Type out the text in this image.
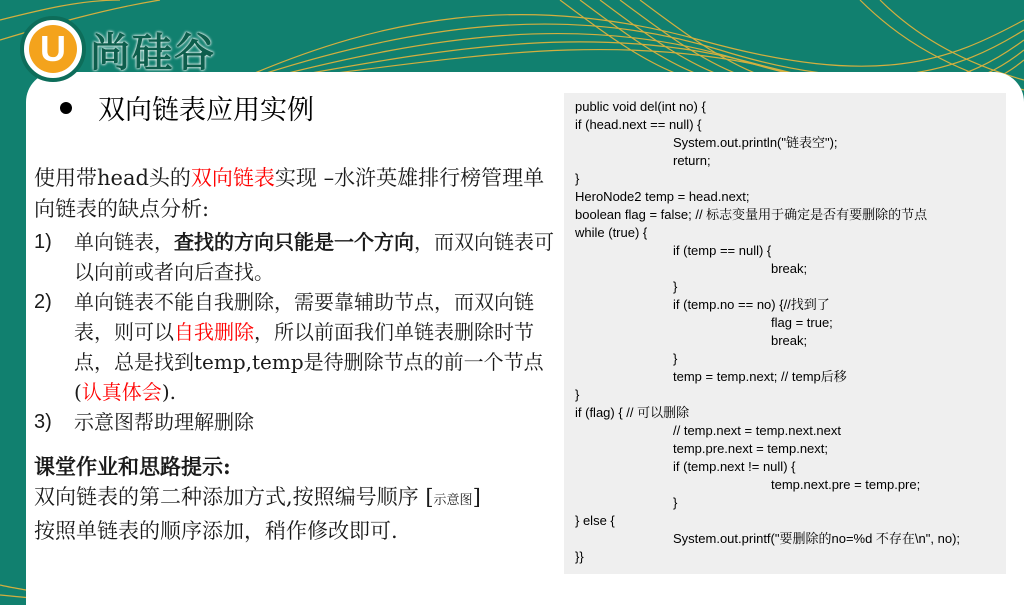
U 尚硅谷
双向链表应用实例
使用带head头的双向链表实现 –水浒英雄排行榜管理单向链表的缺点分析:
1)	单向链表，查找的方向只能是一个方向，而双向链表可以向前或者向后查找。
2)	单向链表不能自我删除，需要靠辅助节点，而双向链表，则可以自我删除，所以前面我们单链表删除时节点，总是找到temp,temp是待删除节点的前一个节点(认真体会).
3)	示意图帮助理解删除
课堂作业和思路提示:
双向链表的第二种添加方式,按照编号顺序 [示意图]
按照单链表的顺序添加，稍作修改即可.
public void del(int no) {
if (head.next == null) {
System.out.println("链表空");
return;
}
HeroNode2 temp = head.next;
boolean flag = false; // 标志变量用于确定是否有要删除的节点
while (true) {
if (temp == null) {
break;
}
if (temp.no == no) {//找到了
flag = true;
break;
}
temp = temp.next; // temp后移
}
if (flag) { // 可以删除
// temp.next = temp.next.next
temp.pre.next = temp.next;
if (temp.next != null) {
temp.next.pre = temp.pre;
}
} else {
System.out.printf("要删除的no=%d 不存在\n", no);
}}
